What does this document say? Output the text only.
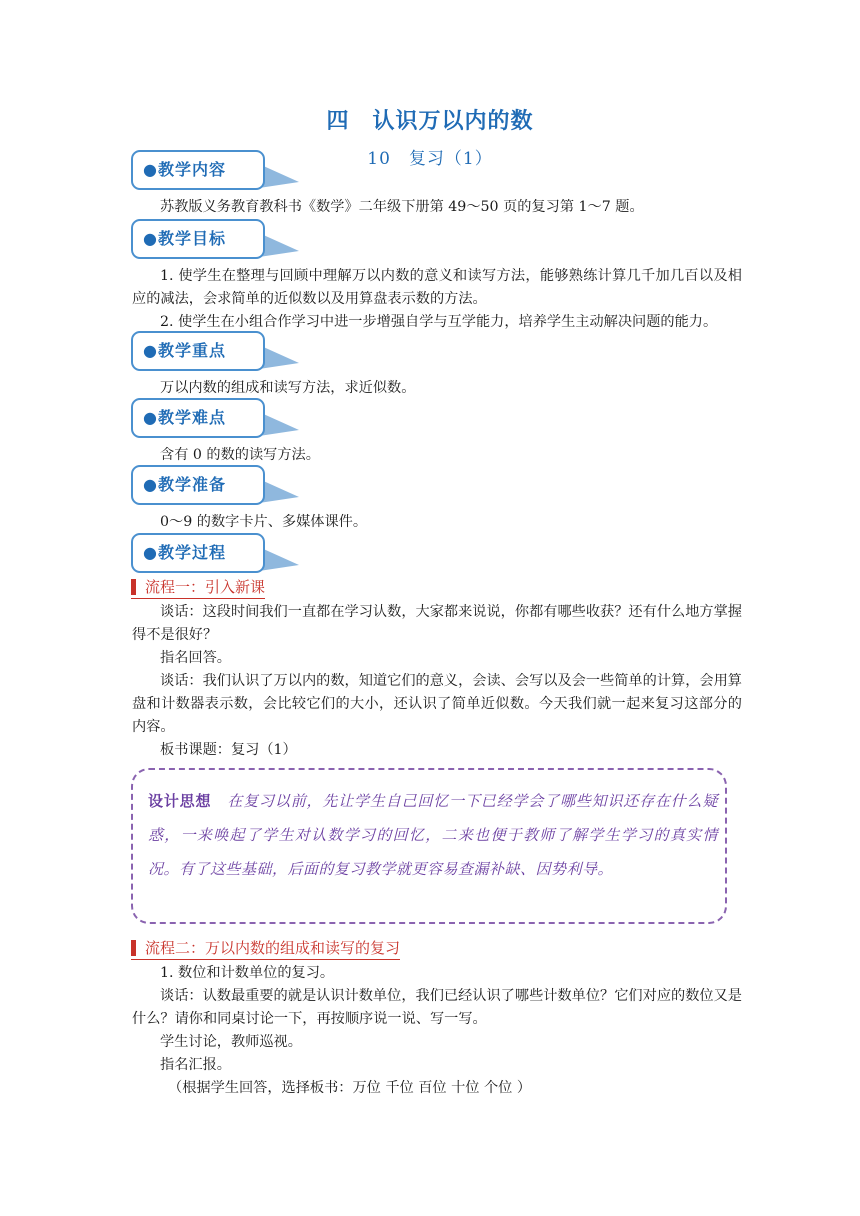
四　认识万以内的数
10　复习（1）
●教学内容
苏教版义务教育教科书《数学》二年级下册第 49～50 页的复习第 1～7 题。
●教学目标
1. 使学生在整理与回顾中理解万以内数的意义和读写方法，能够熟练计算几千加几百以及相应的减法，会求简单的近似数以及用算盘表示数的方法。
2. 使学生在小组合作学习中进一步增强自学与互学能力，培养学生主动解决问题的能力。
●教学重点
万以内数的组成和读写方法，求近似数。
●教学难点
含有 0 的数的读写方法。
●教学准备
0～9 的数字卡片、多媒体课件。
●教学过程
流程一：引入新课
谈话：这段时间我们一直都在学习认数，大家都来说说，你都有哪些收获？还有什么地方掌握得不是很好？
指名回答。
谈话：我们认识了万以内的数，知道它们的意义，会读、会写以及会一些简单的计算，会用算盘和计数器表示数，会比较它们的大小，还认识了简单近似数。今天我们就一起来复习这部分的内容。
板书课题：复习（1）
设计思想 在复习以前，先让学生自己回忆一下已经学会了哪些知识还存在什么疑惑，一来唤起了学生对认数学习的回忆，二来也便于教师了解学生学习的真实情况。有了这些基础，后面的复习教学就更容易查漏补缺、因势利导。
流程二：万以内数的组成和读写的复习
1. 数位和计数单位的复习。
谈话：认数最重要的就是认识计数单位，我们已经认识了哪些计数单位？它们对应的数位又是什么？请你和同桌讨论一下，再按顺序说一说、写一写。
学生讨论，教师巡视。
指名汇报。
（根据学生回答，选择板书：万位 千位 百位 十位 个位 ）
